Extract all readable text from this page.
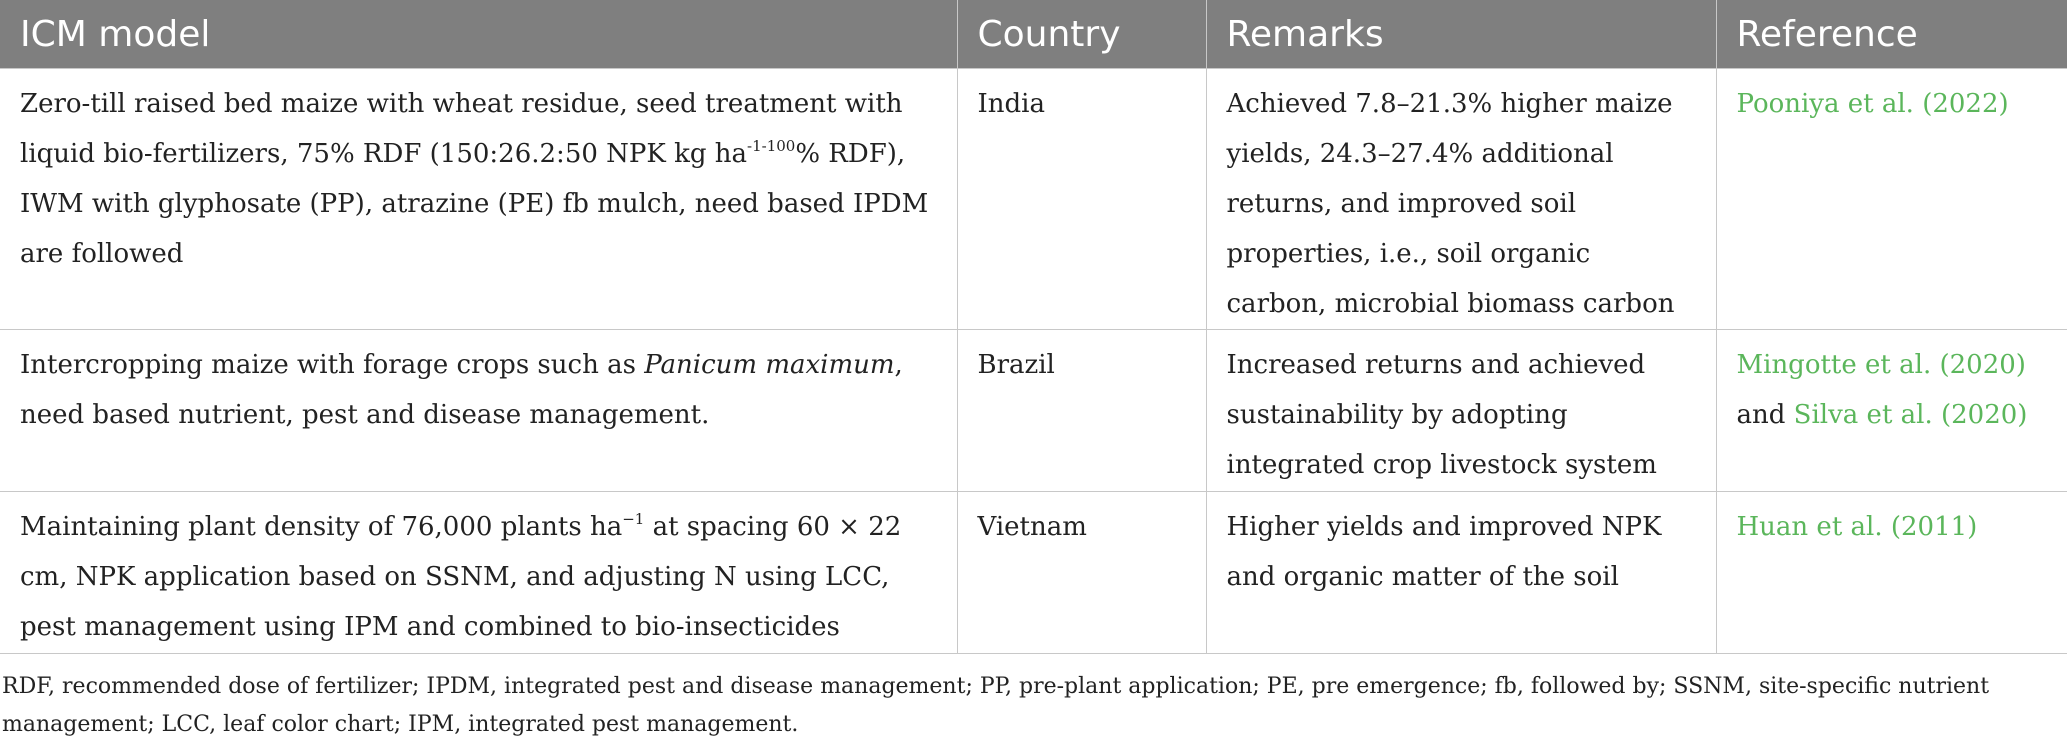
ICM model	Country	Remarks	Reference
Zero-till raised bed maize with wheat residue, seed treatment with liquid bio-fertilizers, 75% RDF (150:26.2:50 NPK kg $ha^{-1-100}\%$ RDF), IWM with glyphosate (PP), atrazine (PE) fb mulch, need based IPDM are followed	India	Achieved 7.8–21.3% higher maize yields, 24.3–27.4% additional returns, and improved soil properties, i.e., soil organic carbon, microbial biomass carbon	Pooniya et al. (2022)
Intercropping maize with forage crops such as Panicum maximum, need based nutrient, pest and disease management.	Brazil	Increased returns and achieved sustainability by adopting integrated crop livestock system	Mingotte et al. (2020) and Silva et al. (2020)
Maintaining plant density of 76,000 plants $ha^{-1}$ at spacing 60 × 22 cm, NPK application based on SSNM, and adjusting N using LCC, pest management using IPM and combined to bio-insecticides	Vietnam	Higher yields and improved NPK and organic matter of the soil	Huan et al. (2011)
RDF, recommended dose of fertilizer; IPDM, integrated pest and disease management; PP, pre-plant application; PE, pre emergence; fb, followed by; SSNM, site-specific nutrient management; LCC, leaf color chart; IPM, integrated pest management.
